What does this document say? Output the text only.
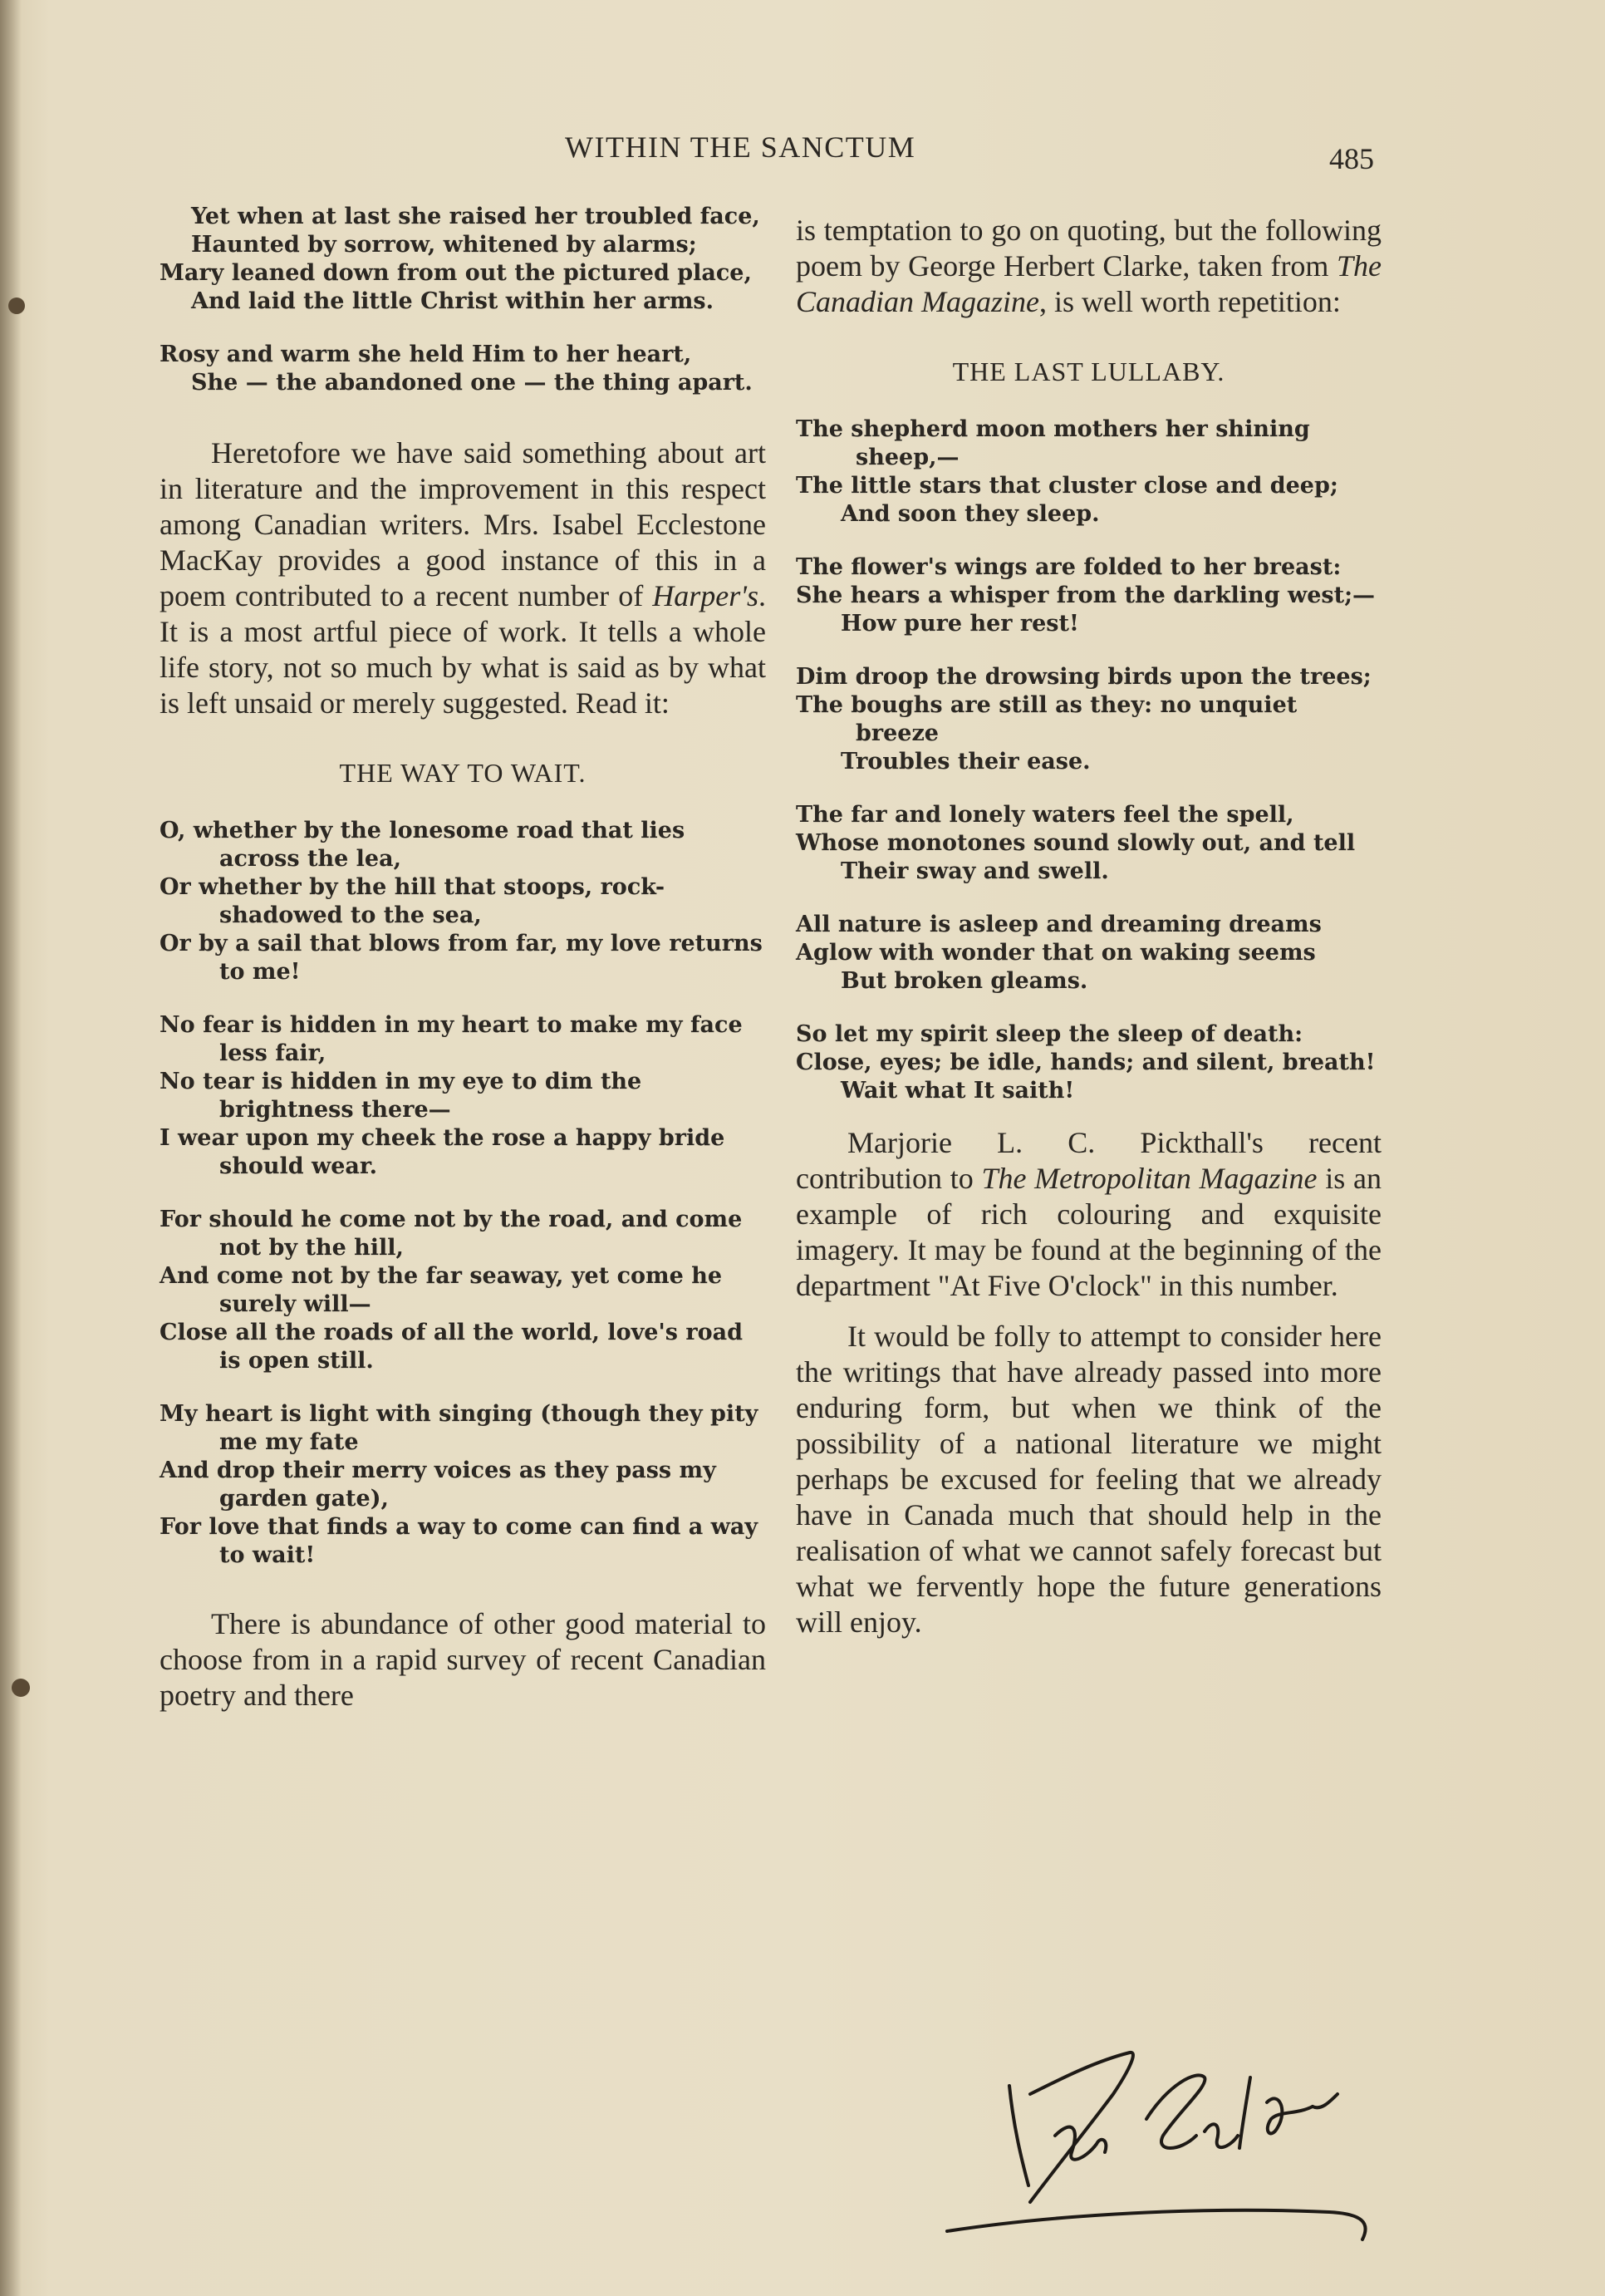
WITHIN THE SANCTUM	485
Yet when at last she raised her troubled face,
Haunted by sorrow, whitened by alarms;
Mary leaned down from out the pictured place,
And laid the little Christ within her arms.
Rosy and warm she held Him to her heart,
She — the abandoned one — the thing apart.

Heretofore we have said something about art in literature and the improvement in this respect among Canadian writers. Mrs. Isabel Ecclestone MacKay provides a good instance of this in a poem contributed to a recent number of Harper's. It is a most artful piece of work. It tells a whole life story, not so much by what is said as by what is left unsaid or merely suggested. Read it:

THE WAY TO WAIT.
O, whether by the lonesome road that lies across the lea,
Or whether by the hill that stoops, rock-shadowed to the sea,
Or by a sail that blows from far, my love returns to me!
No fear is hidden in my heart to make my face less fair,
No tear is hidden in my eye to dim the brightness there—
I wear upon my cheek the rose a happy bride should wear.
For should he come not by the road, and come not by the hill,
And come not by the far seaway, yet come he surely will—
Close all the roads of all the world, love's road is open still.
My heart is light with singing (though they pity me my fate
And drop their merry voices as they pass my garden gate),
For love that finds a way to come can find a way to wait!

There is abundance of other good material to choose from in a rapid survey of recent Canadian poetry and there

is temptation to go on quoting, but the following poem by George Herbert Clarke, taken from The Canadian Magazine, is well worth repetition:

THE LAST LULLABY.
The shepherd moon mothers her shining sheep,—
The little stars that cluster close and deep;
And soon they sleep.
The flower's wings are folded to her breast:
She hears a whisper from the darkling west;—
How pure her rest!
Dim droop the drowsing birds upon the trees;
The boughs are still as they: no unquiet breeze
Troubles their ease.
The far and lonely waters feel the spell,
Whose monotones sound slowly out, and tell
Their sway and swell.
All nature is asleep and dreaming dreams
Aglow with wonder that on waking seems
But broken gleams.
So let my spirit sleep the sleep of death:
Close, eyes; be idle, hands; and silent, breath!
Wait what It saith!

Marjorie L. C. Pickthall's recent contribution to The Metropolitan Magazine is an example of rich colouring and exquisite imagery. It may be found at the beginning of the department "At Five O'clock" in this number.

It would be folly to attempt to consider here the writings that have already passed into more enduring form, but when we think of the possibility of a national literature we might perhaps be excused for feeling that we already have in Canada much that should help in the realisation of what we cannot safely forecast but what we fervently hope the future generations will enjoy.
